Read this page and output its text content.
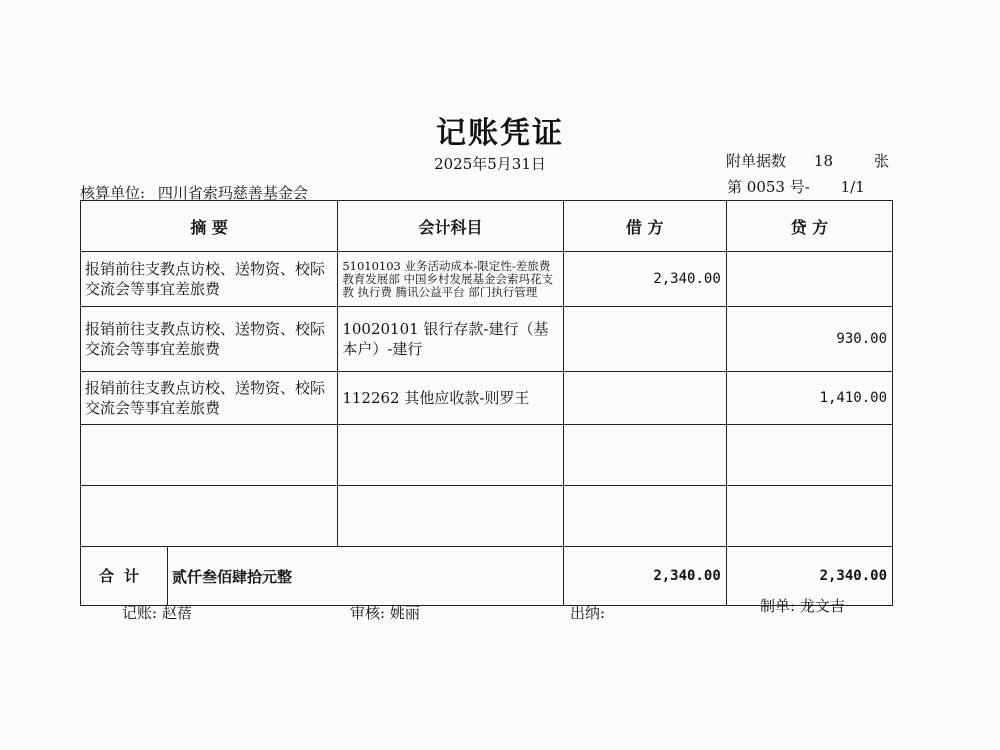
记账凭证
2025年5月31日	附单据数 18	张
第 0053 号- 1/1
核算单位: 四川省索玛慈善基金会
摘 要	会计科目	借 方	贷 方

报销前往支教点访校、送物资、校际交流会等事宜差旅费	51010103 业务活动成本-限定性-差旅费 教育发展部 中国乡村发展基金会索玛花支教 执行费 腾讯公益平台 部门执行管理	2,340.00	

报销前往支教点访校、送物资、校际交流会等事宜差旅费	10020101 银行存款-建行（基本户）-建行		930.00

报销前往支教点访校、送物资、校际交流会等事宜差旅费	112262 其他应收款-则罗王		1,410.00

合计 贰仟叁佰肆拾元整		2,340.00	2,340.00
记账: 赵蓓	审核: 姚丽	出纳:	制单: 龙文吉
